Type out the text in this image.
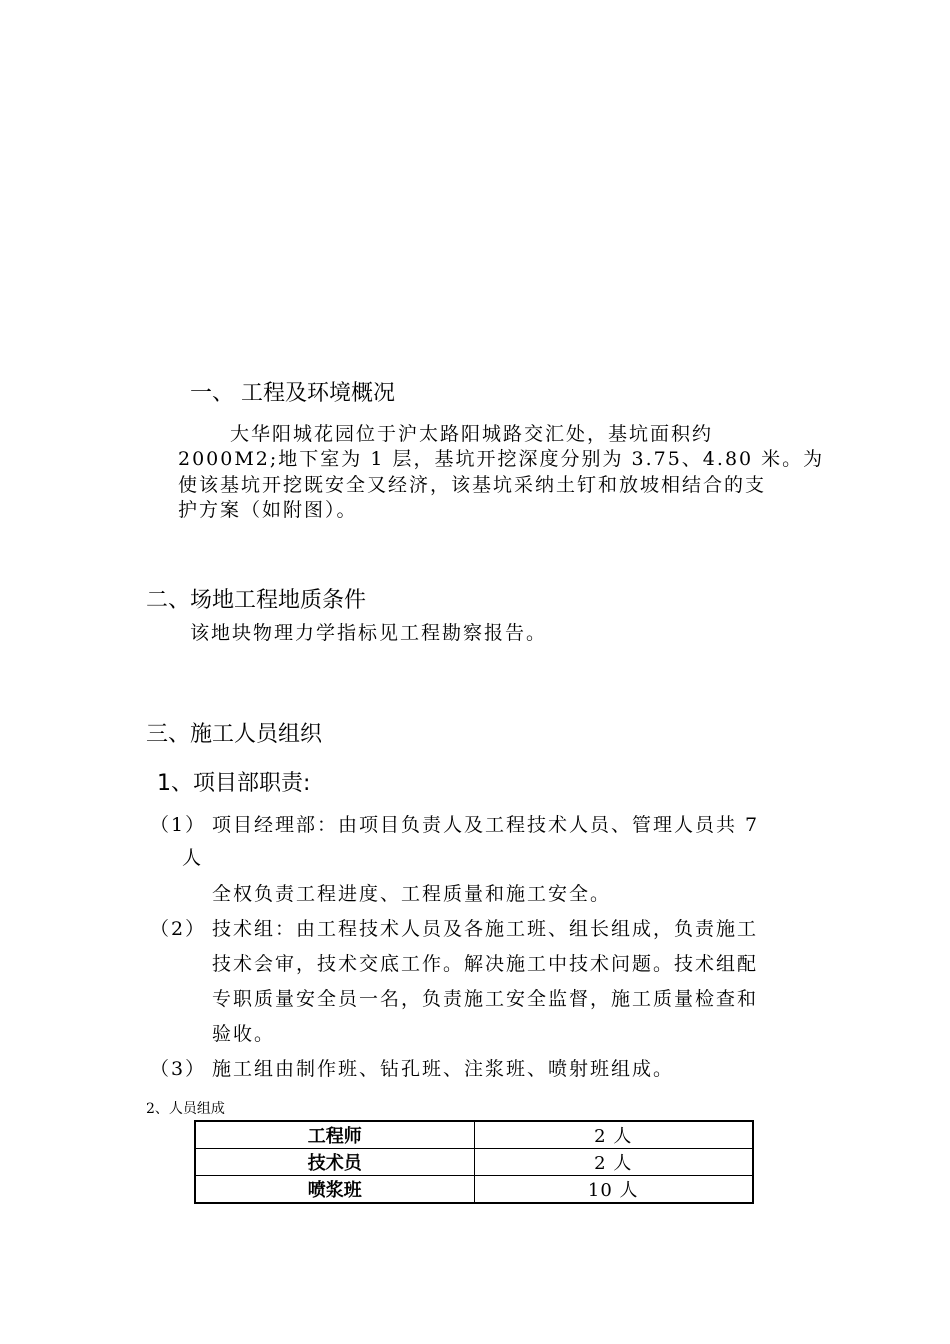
一、 工程及环境概况
大华阳城花园位于沪太路阳城路交汇处，基坑面积约
2000M2;地下室为 1 层，基坑开挖深度分别为 3.75、4.80 米。为
使该基坑开挖既安全又经济，该基坑采纳土钉和放坡相结合的支
护方案（如附图）。
二、场地工程地质条件
该地块物理力学指标见工程勘察报告。
三、施工人员组织
1、项目部职责:
（1） 项目经理部：由项目负责人及工程技术人员、管理人员共 7
人
全权负责工程进度、工程质量和施工安全。
（2） 技术组：由工程技术人员及各施工班、组长组成，负责施工
技术会审，技术交底工作。解决施工中技术问题。技术组配
专职质量安全员一名，负责施工安全监督，施工质量检查和
验收。
（3） 施工组由制作班、钻孔班、注浆班、喷射班组成。
2、人员组成
工程师	2 人
技术员	2 人
喷浆班	10 人
